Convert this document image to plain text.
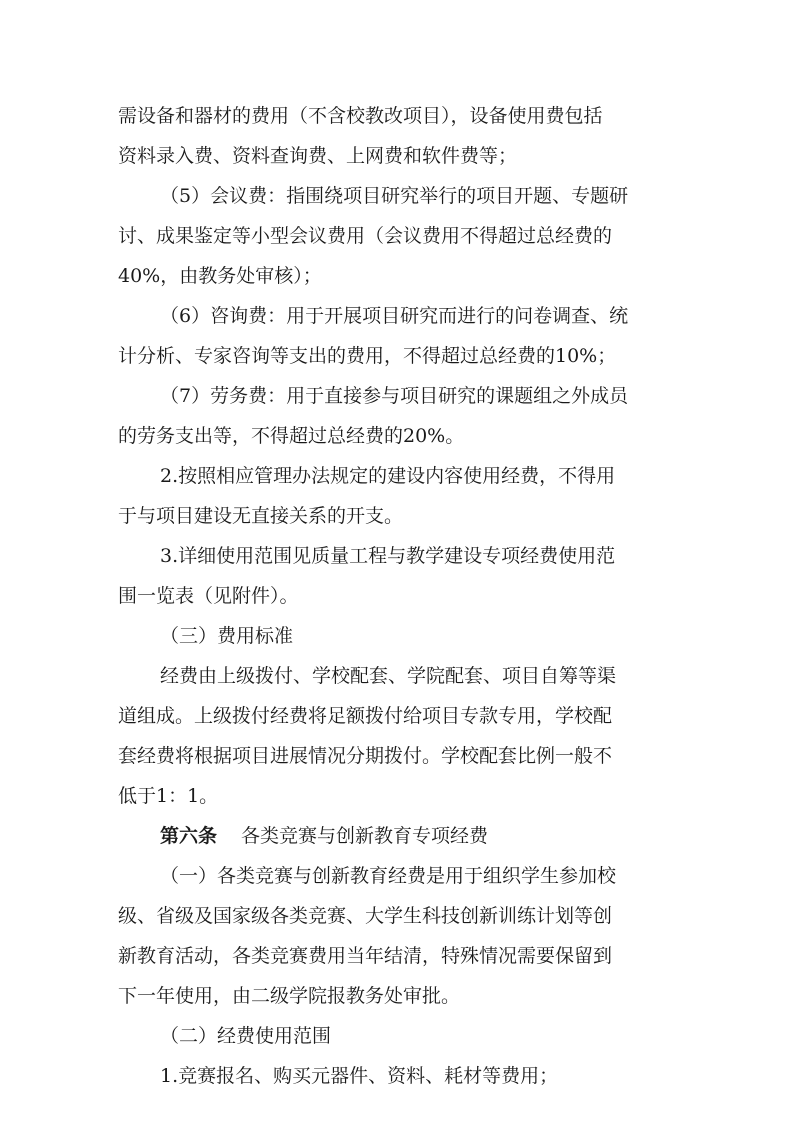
需设备和器材的费用（不含校教改项目），设备使用费包括
资料录入费、资料查询费、上网费和软件费等；
（5）会议费：指围绕项目研究举行的项目开题、专题研
讨、成果鉴定等小型会议费用（会议费用不得超过总经费的
40%，由教务处审核）；
（6）咨询费：用于开展项目研究而进行的问卷调查、统
计分析、专家咨询等支出的费用，不得超过总经费的10%；
（7）劳务费：用于直接参与项目研究的课题组之外成员
的劳务支出等，不得超过总经费的20%。
2.按照相应管理办法规定的建设内容使用经费，不得用
于与项目建设无直接关系的开支。
3.详细使用范围见质量工程与教学建设专项经费使用范
围一览表（见附件）。
（三）费用标准
经费由上级拨付、学校配套、学院配套、项目自筹等渠
道组成。上级拨付经费将足额拨付给项目专款专用，学校配
套经费将根据项目进展情况分期拨付。学校配套比例一般不
低于1：1。
第六条 各类竞赛与创新教育专项经费
（一）各类竞赛与创新教育经费是用于组织学生参加校
级、省级及国家级各类竞赛、大学生科技创新训练计划等创
新教育活动，各类竞赛费用当年结清，特殊情况需要保留到
下一年使用，由二级学院报教务处审批。
（二）经费使用范围
1.竞赛报名、购买元器件、资料、耗材等费用；
